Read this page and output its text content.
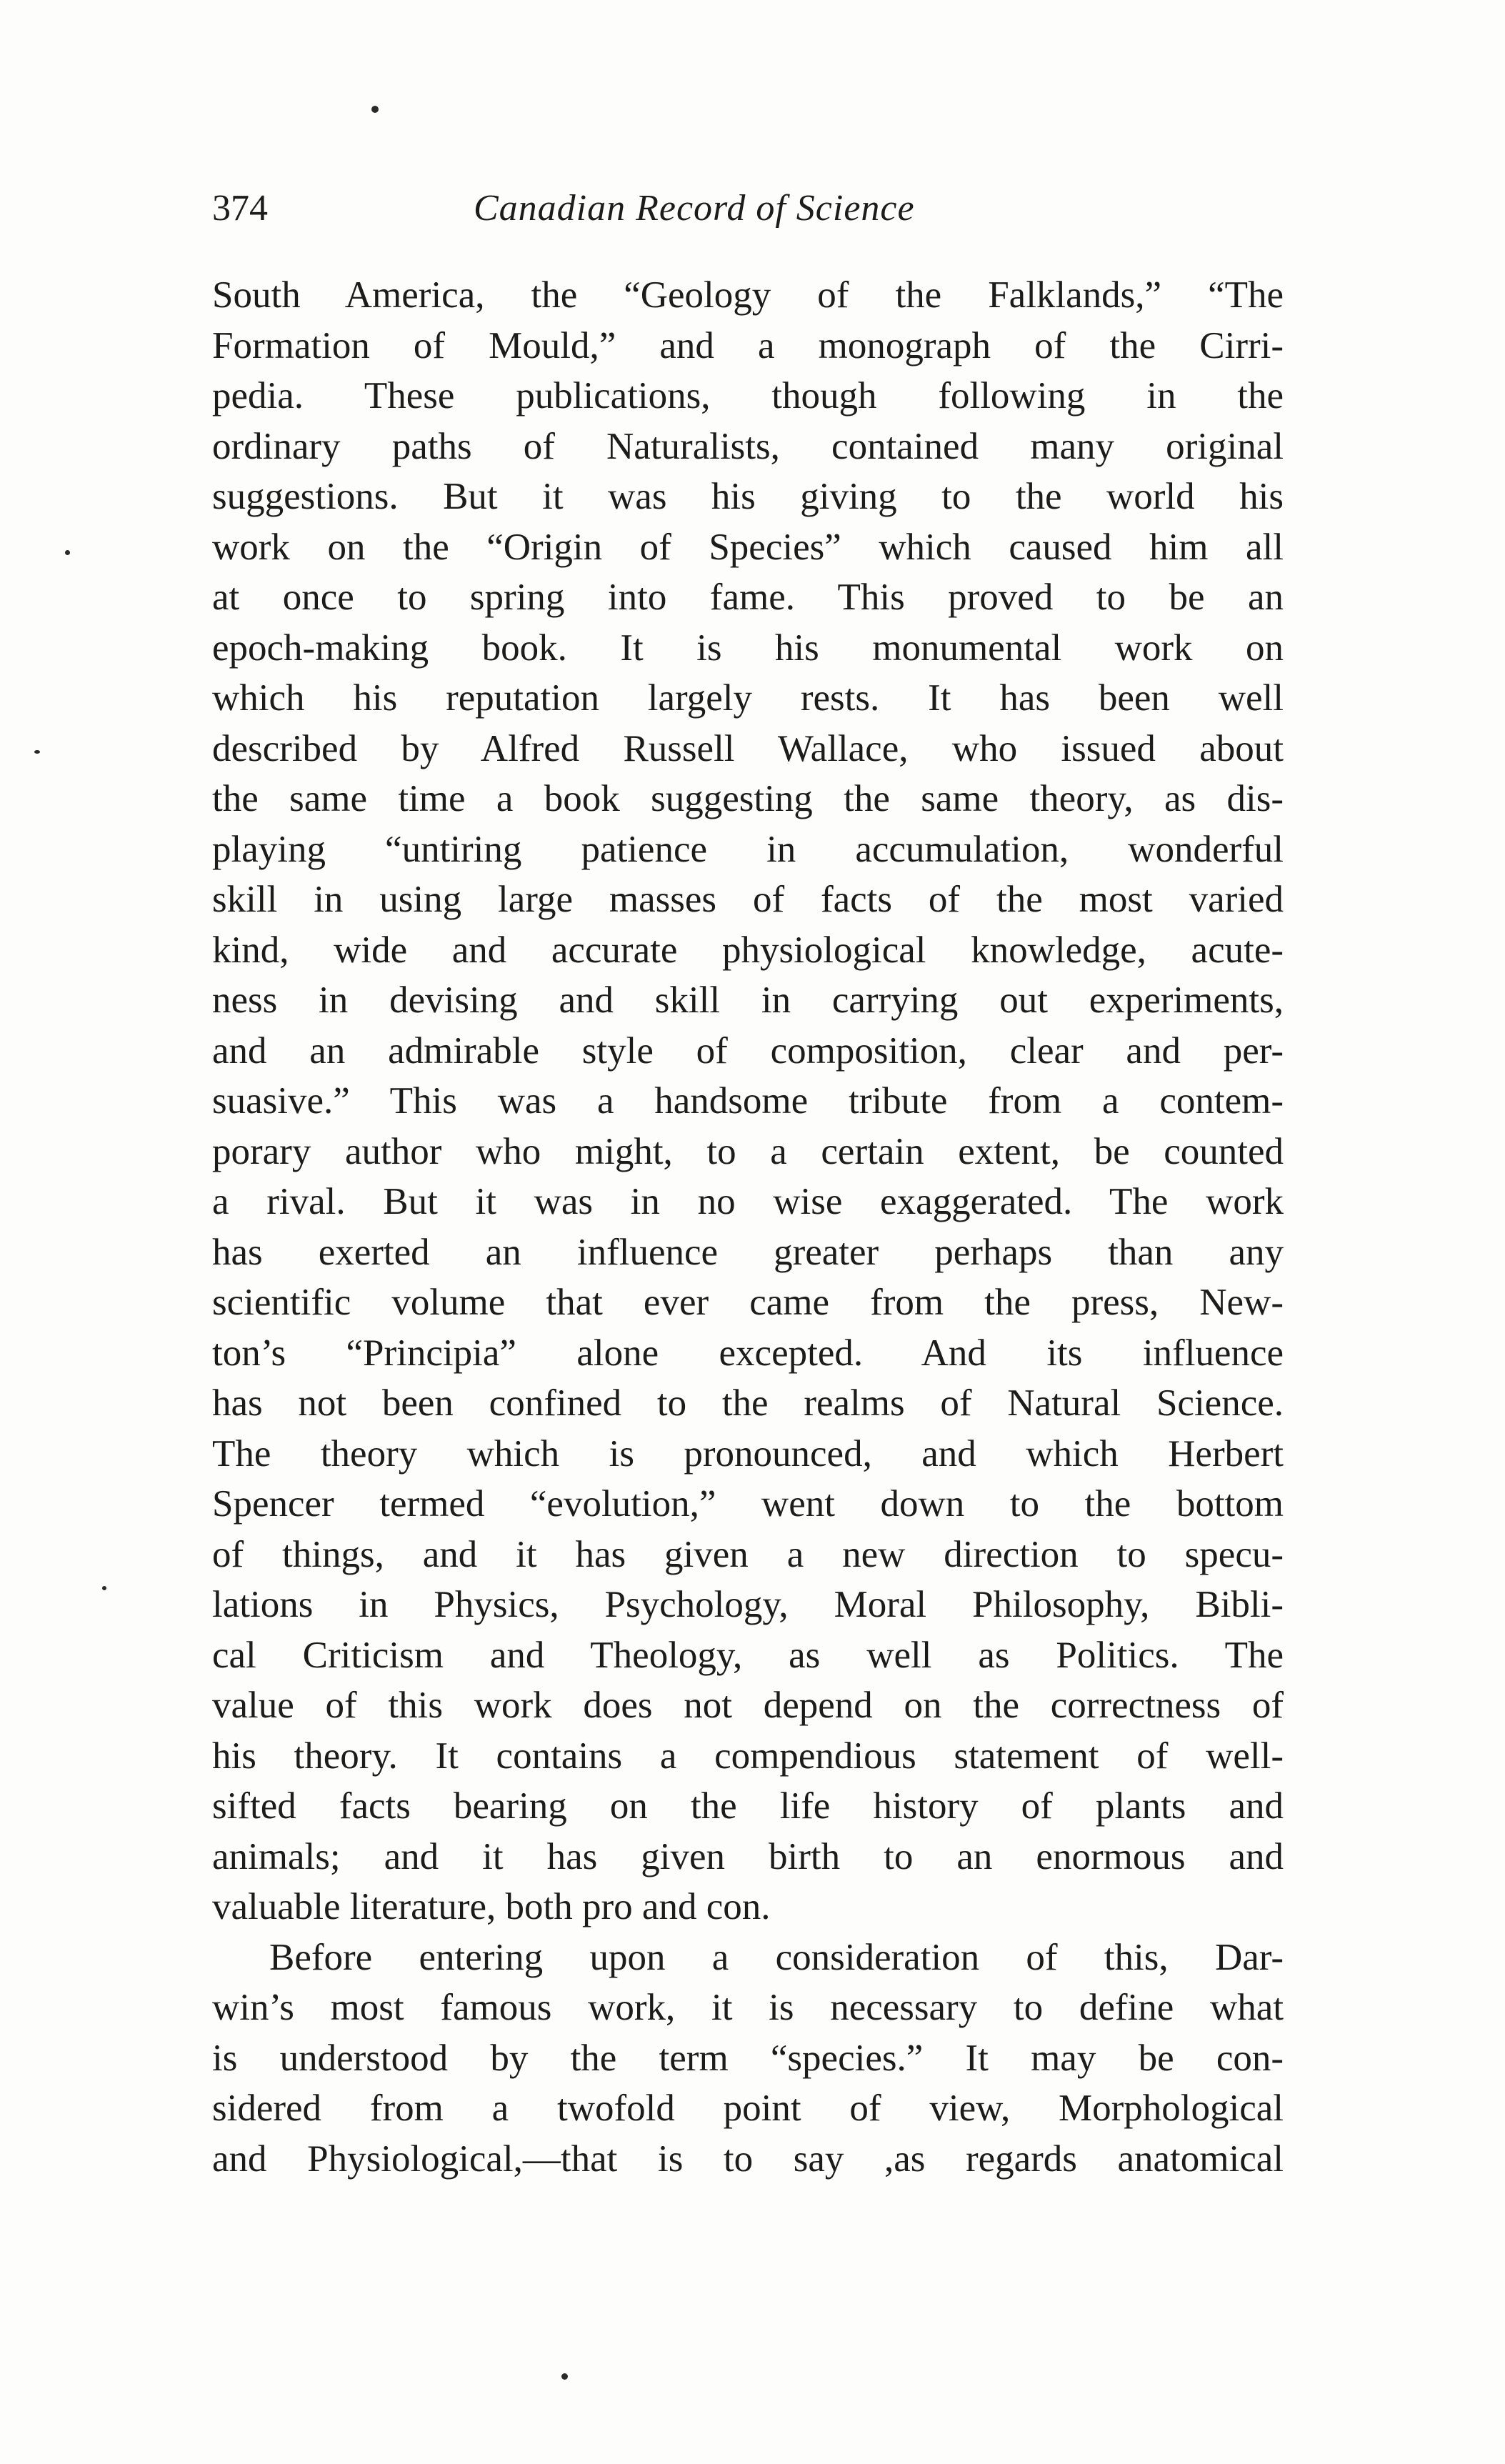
374	Canadian Record of Science
South America, the “Geology of the Falklands,” “The
Formation of Mould,” and a monograph of the Cirri-
pedia. These publications, though following in the
ordinary paths of Naturalists, contained many original
suggestions. But it was his giving to the world his
work on the “Origin of Species” which caused him all
at once to spring into fame. This proved to be an
epoch-making book. It is his monumental work on
which his reputation largely rests. It has been well
described by Alfred Russell Wallace, who issued about
the same time a book suggesting the same theory, as dis-
playing “untiring patience in accumulation, wonderful
skill in using large masses of facts of the most varied
kind, wide and accurate physiological knowledge, acute-
ness in devising and skill in carrying out experiments,
and an admirable style of composition, clear and per-
suasive.” This was a handsome tribute from a contem-
porary author who might, to a certain extent, be counted
a rival. But it was in no wise exaggerated. The work
has exerted an influence greater perhaps than any
scientific volume that ever came from the press, New-
ton’s “Principia” alone excepted. And its influence
has not been confined to the realms of Natural Science.
The theory which is pronounced, and which Herbert
Spencer termed “evolution,” went down to the bottom
of things, and it has given a new direction to specu-
lations in Physics, Psychology, Moral Philosophy, Bibli-
cal Criticism and Theology, as well as Politics. The
value of this work does not depend on the correctness of
his theory. It contains a compendious statement of well-
sifted facts bearing on the life history of plants and
animals; and it has given birth to an enormous and
valuable literature, both pro and con.
Before entering upon a consideration of this, Dar-
win’s most famous work, it is necessary to define what
is understood by the term “species.” It may be con-
sidered from a twofold point of view, Morphological
and Physiological,—that is to say ,as regards anatomical
